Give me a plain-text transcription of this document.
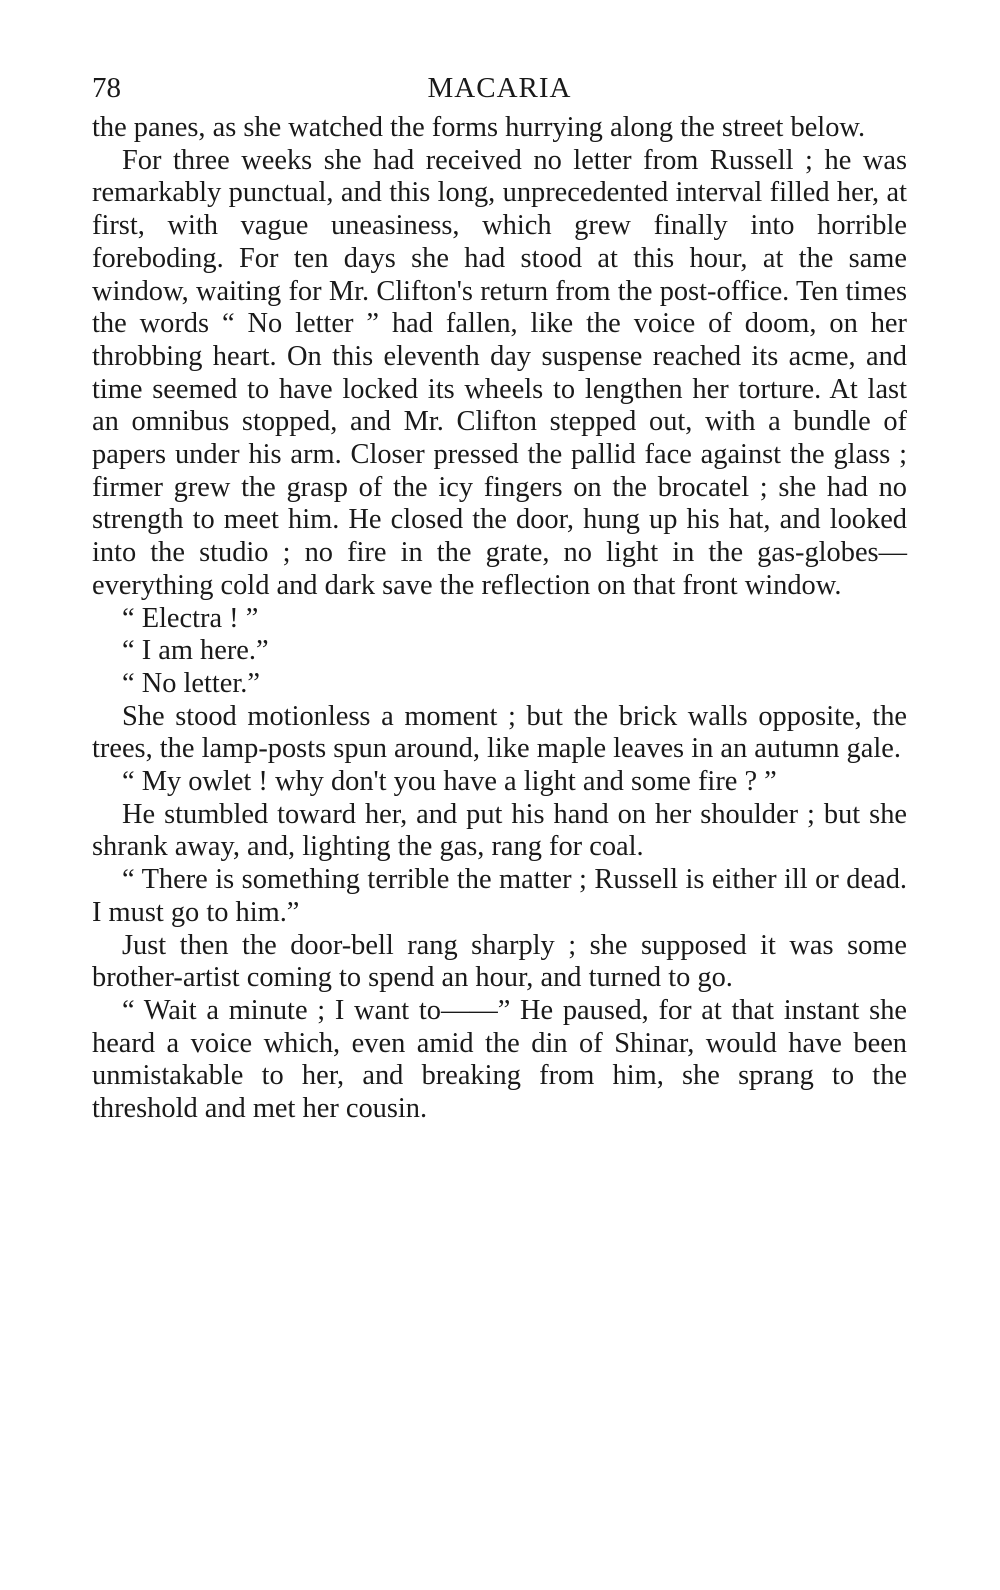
78	MACARIA

the panes, as she watched the forms hurrying along the street below.

For three weeks she had received no letter from Russell ; he was remarkably punctual, and this long, unprecedented interval filled her, at first, with vague uneasiness, which grew finally into horrible foreboding. For ten days she had stood at this hour, at the same window, waiting for Mr. Clifton's return from the post-office. Ten times the words “ No letter ” had fallen, like the voice of doom, on her throbbing heart. On this eleventh day suspense reached its acme, and time seemed to have locked its wheels to lengthen her torture. At last an omnibus stopped, and Mr. Clifton stepped out, with a bundle of papers under his arm. Closer pressed the pallid face against the glass ; firmer grew the grasp of the icy fingers on the brocatel ; she had no strength to meet him. He closed the door, hung up his hat, and looked into the studio ; no fire in the grate, no light in the gas-globes—everything cold and dark save the reflection on that front window.

“ Electra ! ”

“ I am here.”

“ No letter.”

She stood motionless a moment ; but the brick walls opposite, the trees, the lamp-posts spun around, like maple leaves in an autumn gale.

“ My owlet ! why don't you have a light and some fire ? ”

He stumbled toward her, and put his hand on her shoulder ; but she shrank away, and, lighting the gas, rang for coal.

“ There is something terrible the matter ; Russell is either ill or dead. I must go to him.”

Just then the door-bell rang sharply ; she supposed it was some brother-artist coming to spend an hour, and turned to go.

“ Wait a minute ; I want to——” He paused, for at that instant she heard a voice which, even amid the din of Shinar, would have been unmistakable to her, and breaking from him, she sprang to the threshold and met her cousin.
